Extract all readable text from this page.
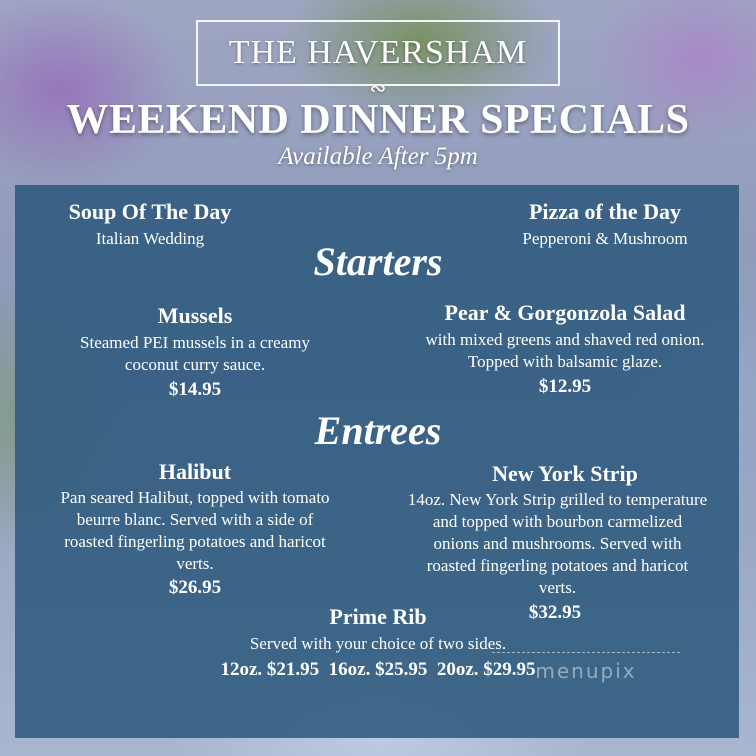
THE HAVERSHAM
∾
WEEKEND DINNER SPECIALS
Available After 5pm
Soup Of The Day
Italian Wedding
Pizza of the Day
Pepperoni & Mushroom
Starters
Mussels
Steamed PEI mussels in a creamy
coconut curry sauce.
$14.95
Pear & Gorgonzola Salad
with mixed greens and shaved red onion.
Topped with balsamic glaze.
$12.95
Entrees
Halibut
Pan seared Halibut, topped with tomato
beurre blanc. Served with a side of
roasted fingerling potatoes and haricot
verts.
$26.95
New York Strip
14oz. New York Strip grilled to temperature
and topped with bourbon carmelized
onions and mushrooms. Served with
roasted fingerling potatoes and haricot
verts.
$32.95
Prime Rib
Served with your choice of two sides.
12oz. $21.95  16oz. $25.95  20oz. $29.95 menupix
